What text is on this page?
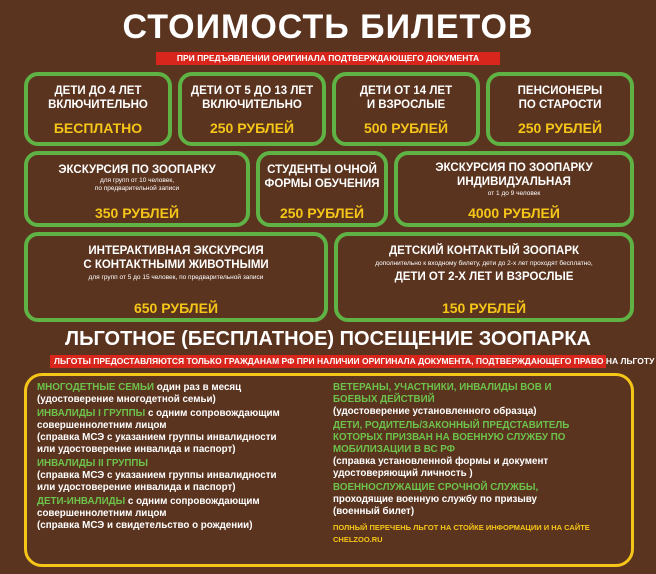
СТОИМОСТЬ БИЛЕТОВ
ПРИ ПРЕДЪЯВЛЕНИИ ОРИГИНАЛА ПОДТВЕРЖДАЮЩЕГО ДОКУМЕНТА
ДЕТИ ДО 4 ЛЕТ
ВКЛЮЧИТЕЛЬНО
БЕСПЛАТНО
ДЕТИ ОТ 5 ДО 13 ЛЕТ
ВКЛЮЧИТЕЛЬНО
250 РУБЛЕЙ
ДЕТИ ОТ 14 ЛЕТ
И ВЗРОСЛЫЕ
500 РУБЛЕЙ
ПЕНСИОНЕРЫ
ПО СТАРОСТИ
250 РУБЛЕЙ
ЭКСКУРСИЯ ПО ЗООПАРКУ
для групп от 10 человек,
по предварительной записи
350 РУБЛЕЙ
СТУДЕНТЫ ОЧНОЙ
ФОРМЫ ОБУЧЕНИЯ
250 РУБЛЕЙ
ЭКСКУРСИЯ ПО ЗООПАРКУ
ИНДИВИДУАЛЬНАЯ
от 1 до 9 человек
4000 РУБЛЕЙ
ИНТЕРАКТИВНАЯ ЭКСКУРСИЯ
С КОНТАКТНЫМИ ЖИВОТНЫМИ
для групп от 5 до 15 человек, по предварительной записи
650 РУБЛЕЙ
ДЕТСКИЙ КОНТАКТЫЙ ЗООПАРК
дополнительно к входному билету, дети до 2-х лет проходят бесплатно,
ДЕТИ ОТ 2-Х ЛЕТ И ВЗРОСЛЫЕ
150 РУБЛЕЙ
ЛЬГОТНОЕ (БЕСПЛАТНОЕ) ПОСЕЩЕНИЕ ЗООПАРКА
ЛЬГОТЫ ПРЕДОСТАВЛЯЮТСЯ ТОЛЬКО ГРАЖДАНАМ РФ ПРИ НАЛИЧИИ ОРИГИНАЛА ДОКУМЕНТА, ПОДТВЕРЖДАЮЩЕГО ПРАВО НА ЛЬГОТУ

МНОГОДЕТНЫЕ СЕМЬИ один раз в месяц
(удостоверение многодетной семьи)

ИНВАЛИДЫ I ГРУППЫ с одним сопровождающим
совершеннолетним лицом
(справка МСЭ с указанием группы инвалидности
или удостоверение инвалида и паспорт)

ИНВАЛИДЫ II ГРУППЫ
(справка МСЭ с указанием группы инвалидности
или удостоверение инвалида и паспорт)

ДЕТИ-ИНВАЛИДЫ с одним сопровождающим
совершеннолетним лицом
(справка МСЭ и свидетельство о рождении)

ВЕТЕРАНЫ, УЧАСТНИКИ, ИНВАЛИДЫ ВОВ И
БОЕВЫХ ДЕЙСТВИЙ
(удостоверение установленного образца)

ДЕТИ, РОДИТЕЛЬ/ЗАКОННЫЙ ПРЕДСТАВИТЕЛЬ
КОТОРЫХ ПРИЗВАН НА ВОЕННУЮ СЛУЖБУ ПО
МОБИЛИЗАЦИИ В ВС РФ
(справка установленной формы и документ
удостоверяющий личность )

ВОЕННОСЛУЖАЩИЕ СРОЧНОЙ СЛУЖБЫ,
проходящие военную службу по призыву
(военный билет)

ПОЛНЫЙ ПЕРЕЧЕНЬ ЛЬГОТ НА СТОЙКЕ ИНФОРМАЦИИ И НА САЙТЕ CHELZOO.RU
